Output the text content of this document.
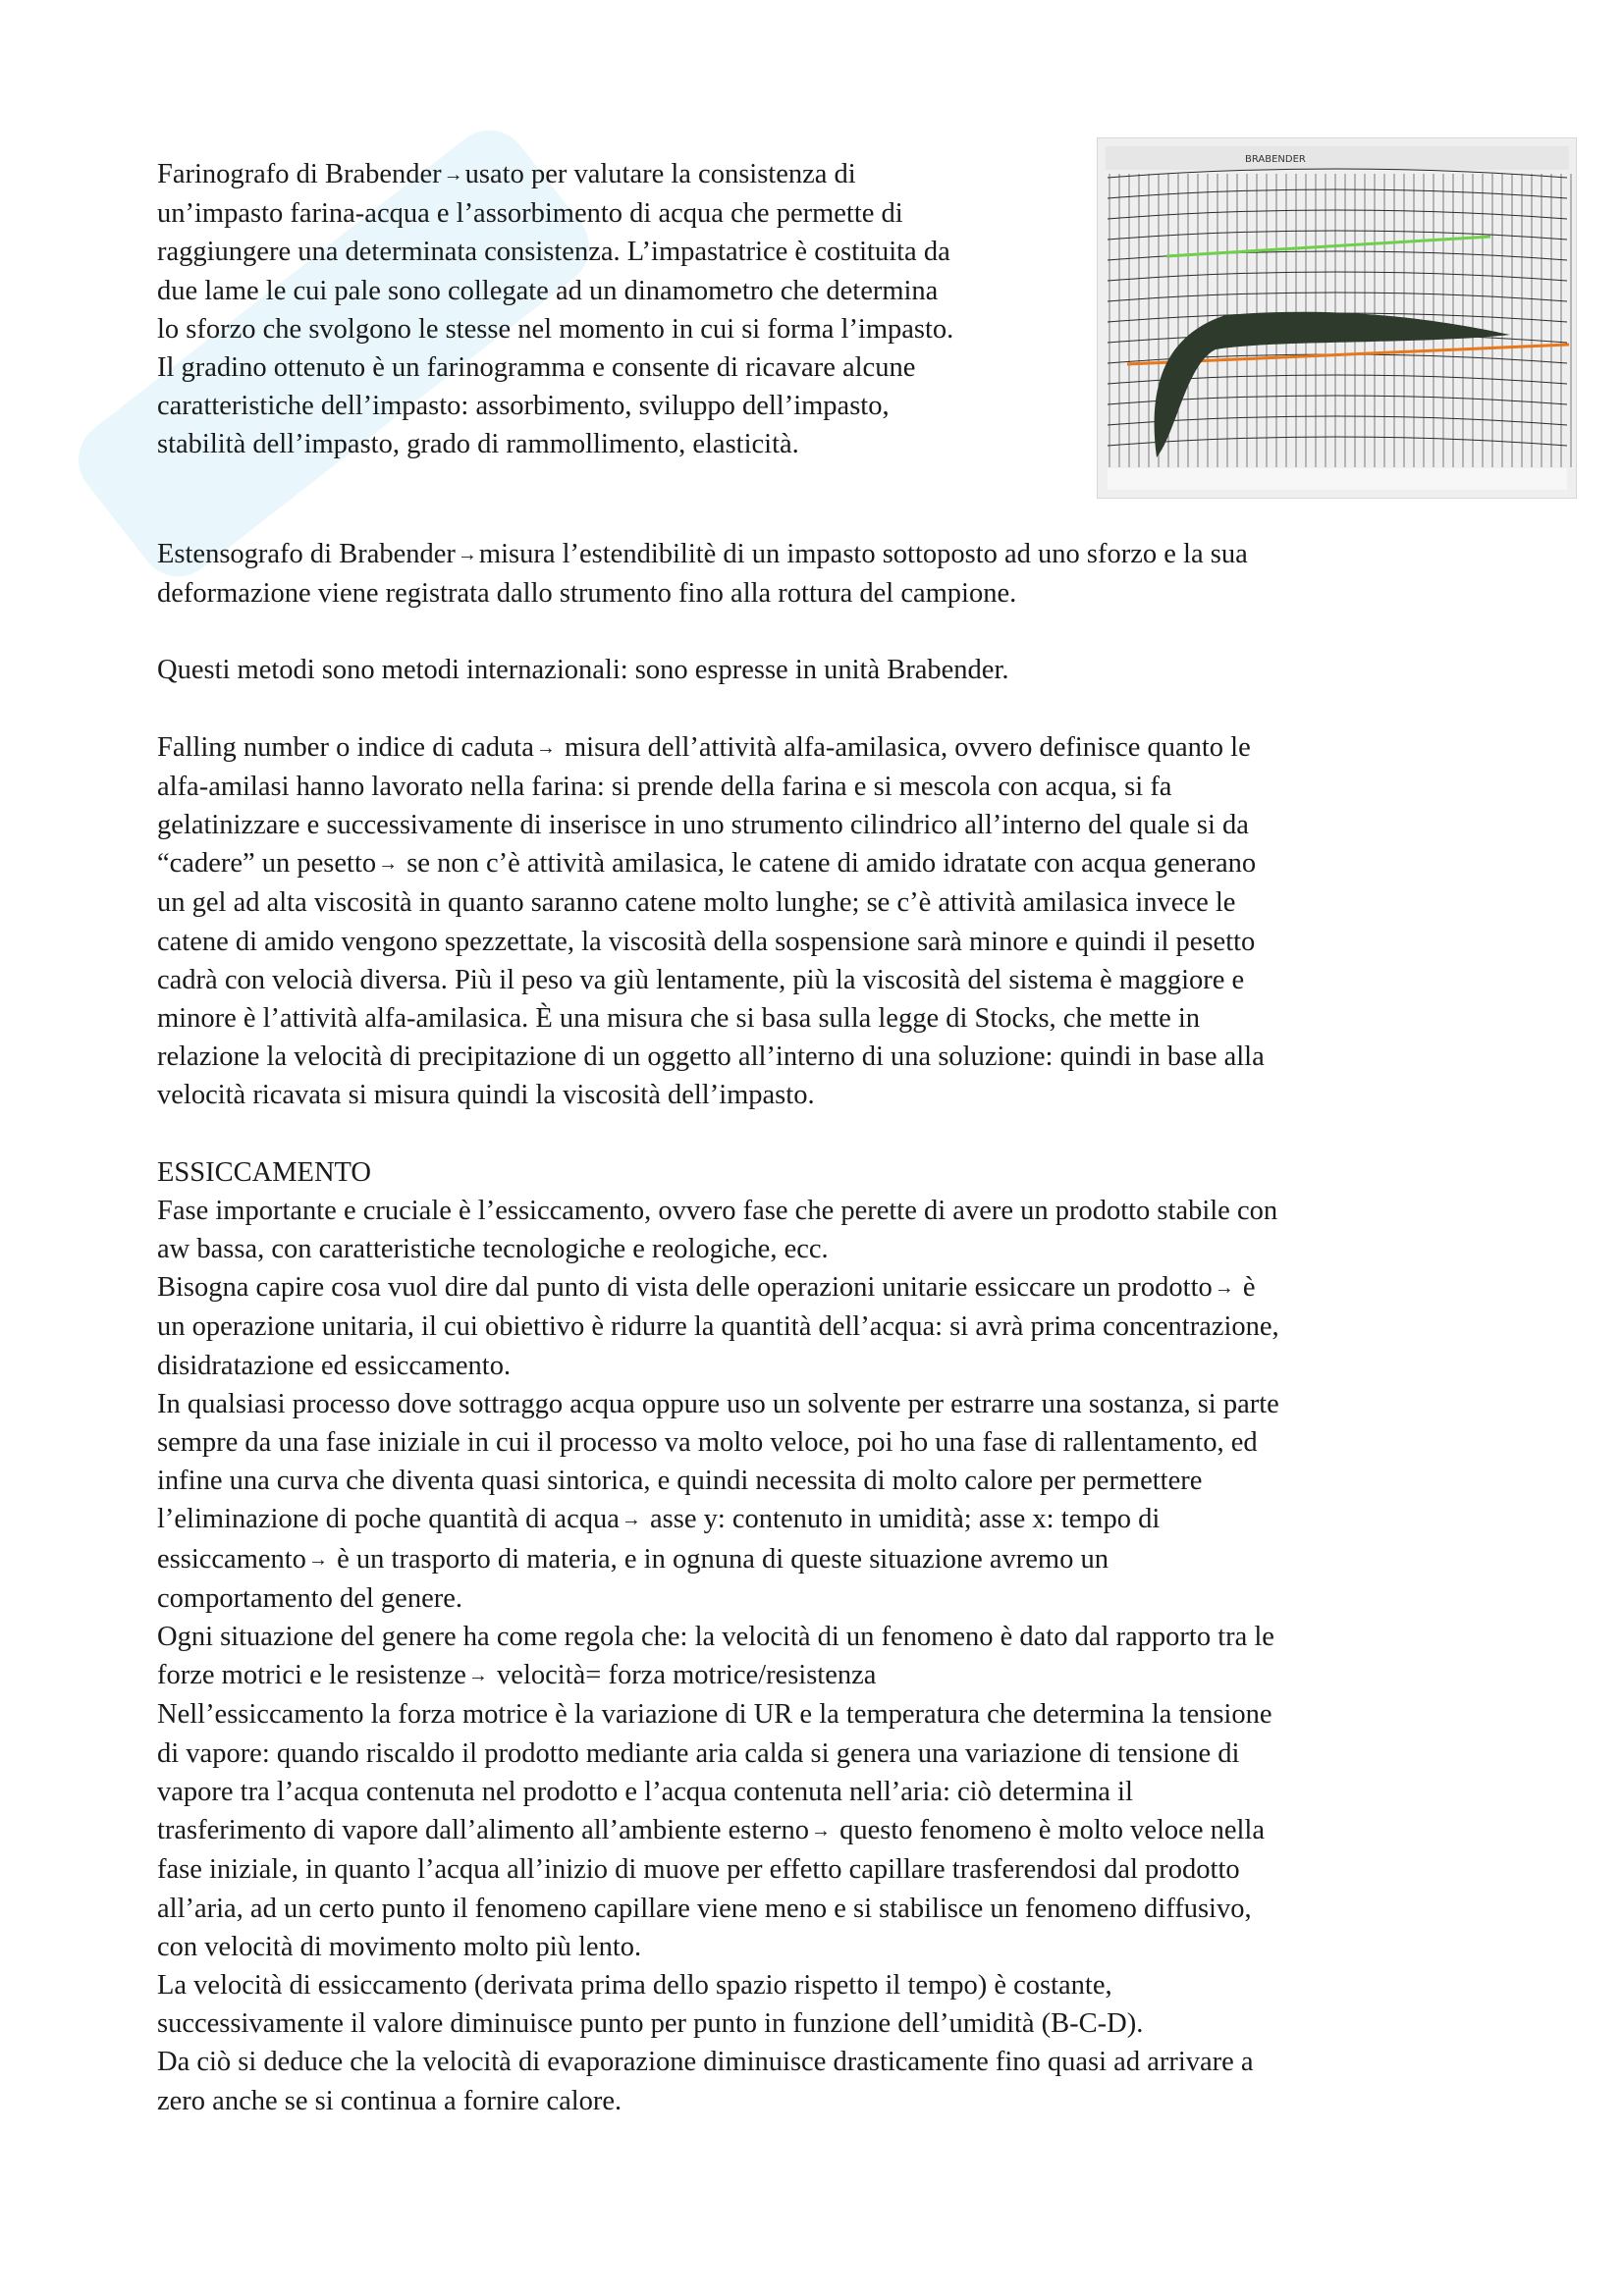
BRABENDER

Farinografo di Brabender →usato per valutare la consistenza di

un’impasto farina-acqua e l’assorbimento di acqua che permette di

raggiungere una determinata consistenza. L’impastatrice è costituita da

due lame le cui pale sono collegate ad un dinamometro che determina

lo sforzo che svolgono le stesse nel momento in cui si forma l’impasto.

Il gradino ottenuto è un farinogramma e consente di ricavare alcune

caratteristiche dell’impasto: assorbimento, sviluppo dell’impasto,

stabilità dell’impasto, grado di rammollimento, elasticità.

Estensografo di Brabender →misura l’estendibilitè di un impasto sottoposto ad uno sforzo e la sua

deformazione viene registrata dallo strumento fino alla rottura del campione.

Questi metodi sono metodi internazionali: sono espresse in unità Brabender.

Falling number o indice di caduta → misura dell’attività alfa-amilasica, ovvero definisce quanto le

alfa-amilasi hanno lavorato nella farina: si prende della farina e si mescola con acqua, si fa

gelatinizzare e successivamente di inserisce in uno strumento cilindrico all’interno del quale si da

“cadere” un pesetto → se non c’è attività amilasica, le catene di amido idratate con acqua generano

un gel ad alta viscosità in quanto saranno catene molto lunghe; se c’è attività amilasica invece le

catene di amido vengono spezzettate, la viscosità della sospensione sarà minore e quindi il pesetto

cadrà con velocià diversa. Più il peso va giù lentamente, più la viscosità del sistema è maggiore e

minore è l’attività alfa-amilasica. È una misura che si basa sulla legge di Stocks, che mette in

relazione la velocità di precipitazione di un oggetto all’interno di una soluzione: quindi in base alla

velocità ricavata si misura quindi la viscosità dell’impasto.

ESSICCAMENTO

Fase importante e cruciale è l’essiccamento, ovvero fase che perette di avere un prodotto stabile con

aw bassa, con caratteristiche tecnologiche e reologiche, ecc.

Bisogna capire cosa vuol dire dal punto di vista delle operazioni unitarie essiccare un prodotto → è

un operazione unitaria, il cui obiettivo è ridurre la quantità dell’acqua: si avrà prima concentrazione,

disidratazione ed essiccamento.

In qualsiasi processo dove sottraggo acqua oppure uso un solvente per estrarre una sostanza, si parte

sempre da una fase iniziale in cui il processo va molto veloce, poi ho una fase di rallentamento, ed

infine una curva che diventa quasi sintorica, e quindi necessita di molto calore per permettere

l’eliminazione di poche quantità di acqua → asse y: contenuto in umidità; asse x: tempo di

essiccamento → è un trasporto di materia, e in ognuna di queste situazione avremo un

comportamento del genere.

Ogni situazione del genere ha come regola che: la velocità di un fenomeno è dato dal rapporto tra le

forze motrici e le resistenze → velocità= forza motrice/resistenza

Nell’essiccamento la forza motrice è la variazione di UR e la temperatura che determina la tensione

di vapore: quando riscaldo il prodotto mediante aria calda si genera una variazione di tensione di

vapore tra l’acqua contenuta nel prodotto e l’acqua contenuta nell’aria: ciò determina il

trasferimento di vapore dall’alimento all’ambiente esterno → questo fenomeno è molto veloce nella

fase iniziale, in quanto l’acqua all’inizio di muove per effetto capillare trasferendosi dal prodotto

all’aria, ad un certo punto il fenomeno capillare viene meno e si stabilisce un fenomeno diffusivo,

con velocità di movimento molto più lento.

La velocità di essiccamento (derivata prima dello spazio rispetto il tempo) è costante,

successivamente il valore diminuisce punto per punto in funzione dell’umidità (B-C-D).

Da ciò si deduce che la velocità di evaporazione diminuisce drasticamente fino quasi ad arrivare a

zero anche se si continua a fornire calore.
